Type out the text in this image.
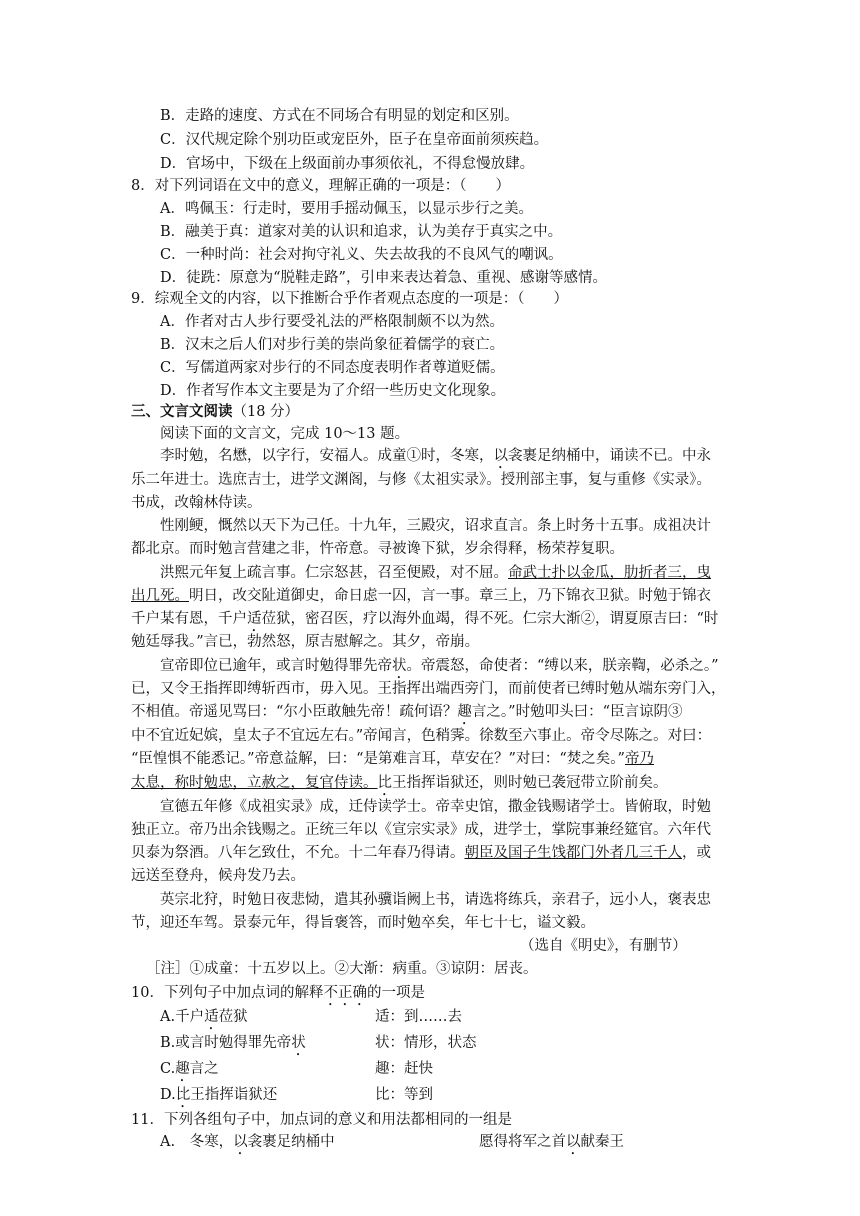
B．走路的速度、方式在不同场合有明显的划定和区别。
C．汉代规定除个别功臣或宠臣外，臣子在皇帝面前须疾趋。
D．官场中，下级在上级面前办事须依礼，不得怠慢放肆。
8．对下列词语在文中的意义，理解正确的一项是：（　　）
A．鸣佩玉：行走时，要用手摇动佩玉，以显示步行之美。
B．融美于真：道家对美的认识和追求，认为美存于真实之中。
C．一种时尚：社会对拘守礼义、失去故我的不良风气的嘲讽。
D．徒跣：原意为“脱鞋走路”，引申来表达着急、重视、感谢等感情。
9．综观全文的内容，以下推断合乎作者观点态度的一项是：（　　）
A．作者对古人步行要受礼法的严格限制颇不以为然。
B．汉末之后人们对步行美的崇尚象征着儒学的衰亡。
C．写儒道两家对步行的不同态度表明作者尊道贬儒。
D．作者写作本文主要是为了介绍一些历史文化现象。
三、文言文阅读（18 分）
阅读下面的文言文，完成 10～13 题。
李时勉，名懋，以字行，安福人。成童①时，冬寒，以衾裹足纳桶中，诵读不已。中永
乐二年进士。选庶吉士，进学文渊阁，与修《太祖实录》。授刑部主事，复与重修《实录》。
书成，改翰林侍读。
性刚鲠，慨然以天下为己任。十九年，三殿灾，诏求直言。条上时务十五事。成祖决计
都北京。而时勉言营建之非，忤帝意。寻被谗下狱，岁余得释，杨荣荐复职。
洪熙元年复上疏言事。仁宗怒甚，召至便殿，对不屈。命武士扑以金瓜，肋折者三，曳
出几死。明日，改交阯道御史，命日虑一囚，言一事。章三上，乃下锦衣卫狱。时勉于锦衣
千户某有恩，千户适莅狱，密召医，疗以海外血竭，得不死。仁宗大渐②，谓夏原吉曰：“时
勉廷辱我。”言已，勃然怒，原吉慰解之。其夕，帝崩。
宣帝即位已逾年，或言时勉得罪先帝状。帝震怒，命使者：“缚以来，朕亲鞫，必杀之。”
已，又令王指挥即缚斩西市，毋入见。王指挥出端西旁门，而前使者已缚时勉从端东旁门入，
不相值。帝遥见骂曰：“尔小臣敢触先帝！疏何语？趣言之。”时勉叩头曰：“臣言谅阴③
中不宜近妃嫔，皇太子不宜远左右。”帝闻言，色稍霁。徐数至六事止。帝令尽陈之。对曰：
“臣惶惧不能悉记。”帝意益解，曰：“是第难言耳，草安在？”对曰：“焚之矣。”帝乃
太息，称时勉忠，立赦之，复官侍读。比王指挥诣狱还，则时勉已袭冠带立阶前矣。
宣德五年修《成祖实录》成，迁侍读学士。帝幸史馆，撒金钱赐诸学士。皆俯取，时勉
独正立。帝乃出余钱赐之。正统三年以《宣宗实录》成，进学士，掌院事兼经筵官。六年代
贝泰为祭酒。八年乞致仕，不允。十二年春乃得请。朝臣及国子生饯都门外者几三千人，或
远送至登舟，候舟发乃去。
英宗北狩，时勉日夜悲恸，遣其孙骥诣阙上书，请选将练兵，亲君子，远小人，褒表忠
节，迎还车驾。景泰元年，得旨褒答，而时勉卒矣，年七十七，谥文毅。
（选自《明史》，有删节）
［注］①成童：十五岁以上。②大渐：病重。③谅阴：居丧。
10．下列句子中加点词的解释不正确的一项是
A.千户适莅狱	适：到……去
B.或言时勉得罪先帝状	状：情形，状态
C.趣言之	趣：赶快
D.比王指挥诣狱还	比：等到
11．下列各组句子中，加点词的意义和用法都相同的一组是
A.　冬寒，以衾裹足纳桶中	愿得将军之首以献秦王
